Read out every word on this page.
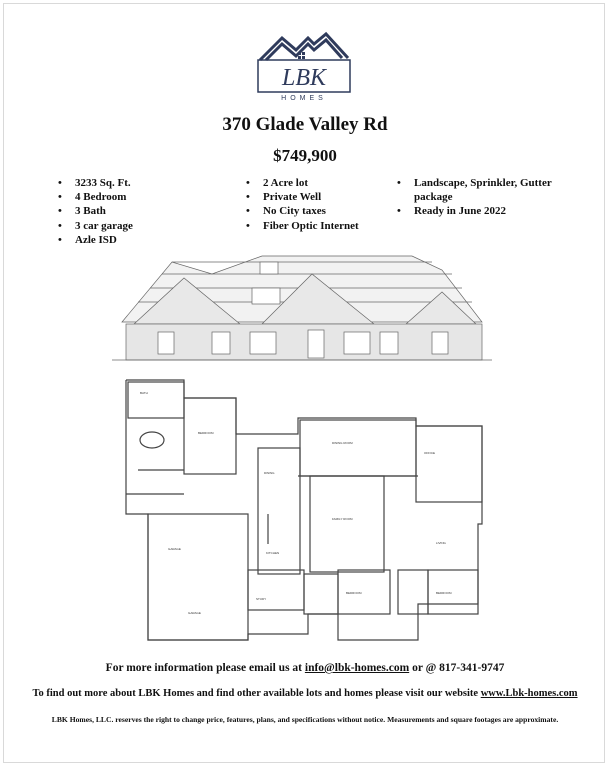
LBK
HOMES
370 Glade Valley Rd
$749,900
• 3233 Sq. Ft.
• 4 Bedroom
• 3 Bath
• 3 car garage
• Azle ISD
• 2 Acre lot
• Private Well
• No City taxes
• Fiber Optic Internet
• Landscape, Sprinkler, Gutter package
• Ready in June 2022
BATH
BEDROOM
DINING ROOM
OFFICE
DINING
FAMILY ROOM
GARAGE
GARAGE
KITCHEN
STUDY
BEDROOM	BEDROOM
LIVING
For more information please email us at info@lbk-homes.com or @ 817-341-9747
To find out more about LBK Homes and find other available lots and homes please visit our website www.Lbk-homes.com
LBK Homes, LLC. reserves the right to change price, features, plans, and specifications without notice. Measurements and square footages are approximate.
